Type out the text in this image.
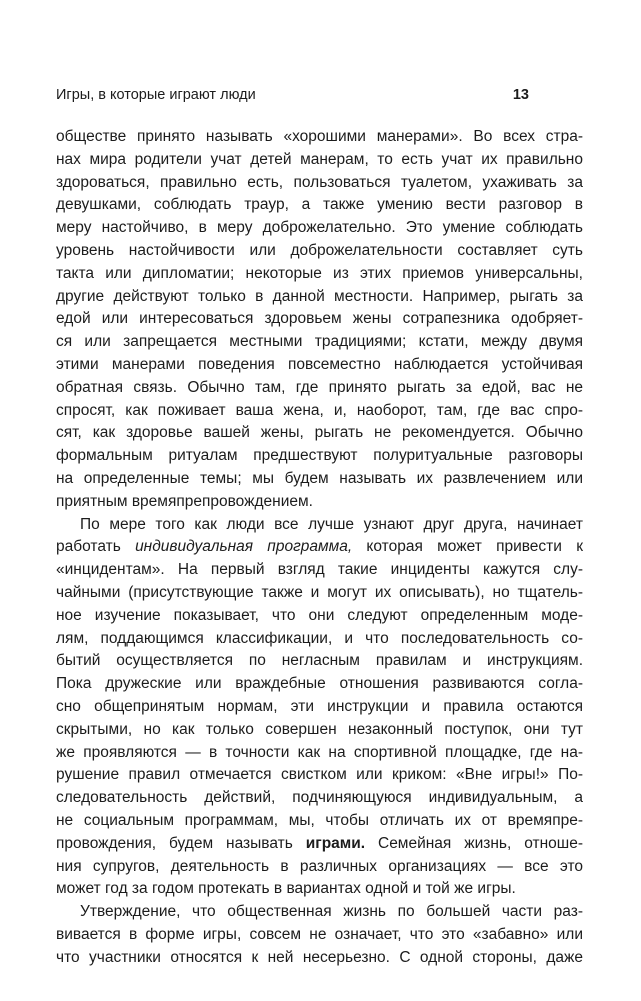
Игры, в которые играют люди	13
обществе принято называть «хорошими манерами». Во всех стра-
нах мира родители учат детей манерам, то есть учат их правильно
здороваться, правильно есть, пользоваться туалетом, ухаживать за
девушками, соблюдать траур, а также умению вести разговор в
меру настойчиво, в меру доброжелательно. Это умение соблюдать
уровень настойчивости или доброжелательности составляет суть
такта или дипломатии; некоторые из этих приемов универсальны,
другие действуют только в данной местности. Например, рыгать за
едой или интересоваться здоровьем жены сотрапезника одобряет-
ся или запрещается местными традициями; кстати, между двумя
этими манерами поведения повсеместно наблюдается устойчивая
обратная связь. Обычно там, где принято рыгать за едой, вас не
спросят, как поживает ваша жена, и, наоборот, там, где вас спро-
сят, как здоровье вашей жены, рыгать не рекомендуется. Обычно
формальным ритуалам предшествуют полуритуальные разговоры
на определенные темы; мы будем называть их развлечением или
приятным времяпрепровождением.
По мере того как люди все лучше узнают друг друга, начинает
работать индивидуальная программа, которая может привести к
«инцидентам». На первый взгляд такие инциденты кажутся слу-
чайными (присутствующие также и могут их описывать), но тщатель-
ное изучение показывает, что они следуют определенным моде-
лям, поддающимся классификации, и что последовательность со-
бытий осуществляется по негласным правилам и инструкциям.
Пока дружеские или враждебные отношения развиваются согла-
сно общепринятым нормам, эти инструкции и правила остаются
скрытыми, но как только совершен незаконный поступок, они тут
же проявляются — в точности как на спортивной площадке, где на-
рушение правил отмечается свистком или криком: «Вне игры!» По-
следовательность действий, подчиняющуюся индивидуальным, а
не социальным программам, мы, чтобы отличать их от времяпре-
провождения, будем называть играми. Семейная жизнь, отноше-
ния супругов, деятельность в различных организациях — все это
может год за годом протекать в вариантах одной и той же игры.
Утверждение, что общественная жизнь по большей части раз-
вивается в форме игры, совсем не означает, что это «забавно» или
что участники относятся к ней несерьезно. С одной стороны, даже
